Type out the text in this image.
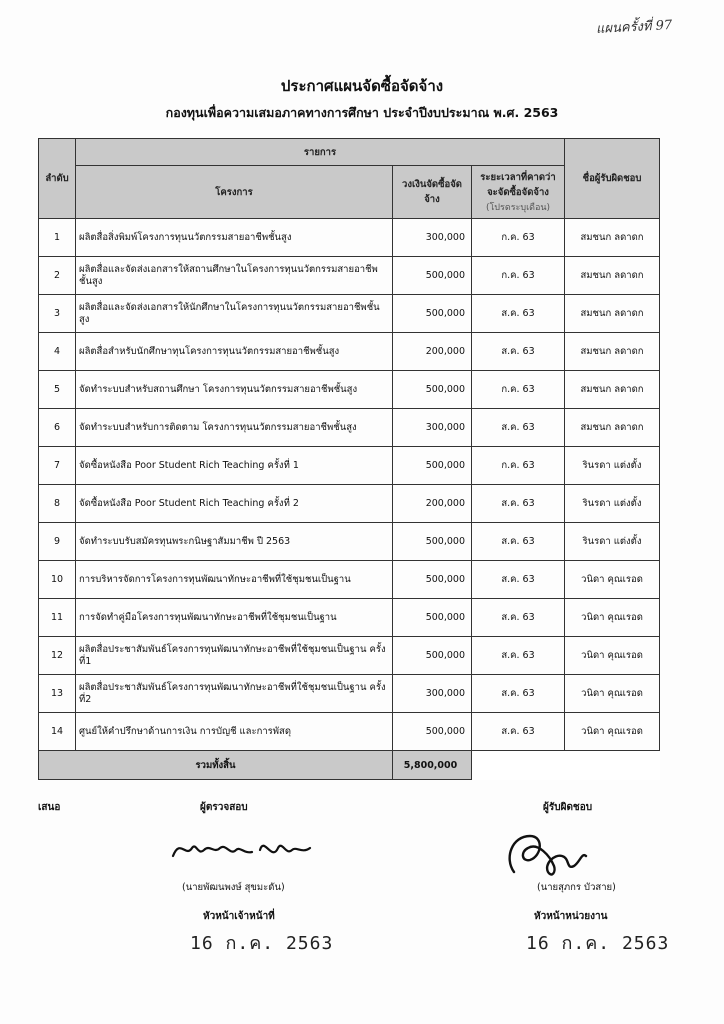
แผนครั้งที่ 97
ประกาศแผนจัดซื้อจัดจ้าง
กองทุนเพื่อความเสมอภาคทางการศึกษา ประจำปีงบประมาณ พ.ศ. 2563
ลำดับ	รายการ			ชื่อผู้รับผิดชอบ
	โครงการ	วงเงินจัดซื้อจัดจ้าง	ระยะเวลาที่คาดว่าจะจัดซื้อจัดจ้าง
(โปรดระบุเดือน)	

1	ผลิตสื่อสิ่งพิมพ์โครงการทุนนวัตกรรมสายอาชีพชั้นสูง	300,000	ก.ค. 63	สมชนก ลดาดก
2	ผลิตสื่อและจัดส่งเอกสารให้สถานศึกษาในโครงการทุนนวัตกรรมสายอาชีพชั้นสูง	500,000	ก.ค. 63	สมชนก ลดาดก
3	ผลิตสื่อและจัดส่งเอกสารให้นักศึกษาในโครงการทุนนวัตกรรมสายอาชีพชั้นสูง	500,000	ส.ค. 63	สมชนก ลดาดก
4	ผลิตสื่อสำหรับนักศึกษาทุนโครงการทุนนวัตกรรมสายอาชีพชั้นสูง	200,000	ส.ค. 63	สมชนก ลดาดก
5	จัดทำระบบสำหรับสถานศึกษา โครงการทุนนวัตกรรมสายอาชีพชั้นสูง	500,000	ก.ค. 63	สมชนก ลดาดก
6	จัดทำระบบสำหรับการติดตาม โครงการทุนนวัตกรรมสายอาชีพชั้นสูง	300,000	ส.ค. 63	สมชนก ลดาดก
7	จัดซื้อหนังสือ Poor Student Rich Teaching ครั้งที่ 1	500,000	ก.ค. 63	รินรดา แต่งตั้ง
8	จัดซื้อหนังสือ Poor Student Rich Teaching ครั้งที่ 2	200,000	ส.ค. 63	รินรดา แต่งตั้ง
9	จัดทำระบบรับสมัครทุนพระกนิษฐาสัมมาชีพ ปี 2563	500,000	ส.ค. 63	รินรดา แต่งตั้ง
10	การบริหารจัดการโครงการทุนพัฒนาทักษะอาชีพที่ใช้ชุมชนเป็นฐาน	500,000	ส.ค. 63	วนิดา คุณเรอด
11	การจัดทำคู่มือโครงการทุนพัฒนาทักษะอาชีพที่ใช้ชุมชนเป็นฐาน	500,000	ส.ค. 63	วนิดา คุณเรอด
12	ผลิตสื่อประชาสัมพันธ์โครงการทุนพัฒนาทักษะอาชีพที่ใช้ชุมชนเป็นฐาน ครั้งที่1	500,000	ส.ค. 63	วนิดา คุณเรอด
13	ผลิตสื่อประชาสัมพันธ์โครงการทุนพัฒนาทักษะอาชีพที่ใช้ชุมชนเป็นฐาน ครั้งที่2	300,000	ส.ค. 63	วนิดา คุณเรอด
14	ศูนย์ให้คำปรึกษาด้านการเงิน การบัญชี และการพัสดุ	500,000	ส.ค. 63	วนิดา คุณเรอด
รวมทั้งสิ้น		5,800,000		
เสนอ	ผู้ตรวจสอบ	ผู้รับผิดชอบ
(นายพัฒนพงษ์ สุขมะดัน)	(นายสุภกร บัวสาย)
หัวหน้าเจ้าหน้าที่	หัวหน้าหน่วยงาน
16 ก.ค. 2563	16 ก.ค. 2563
